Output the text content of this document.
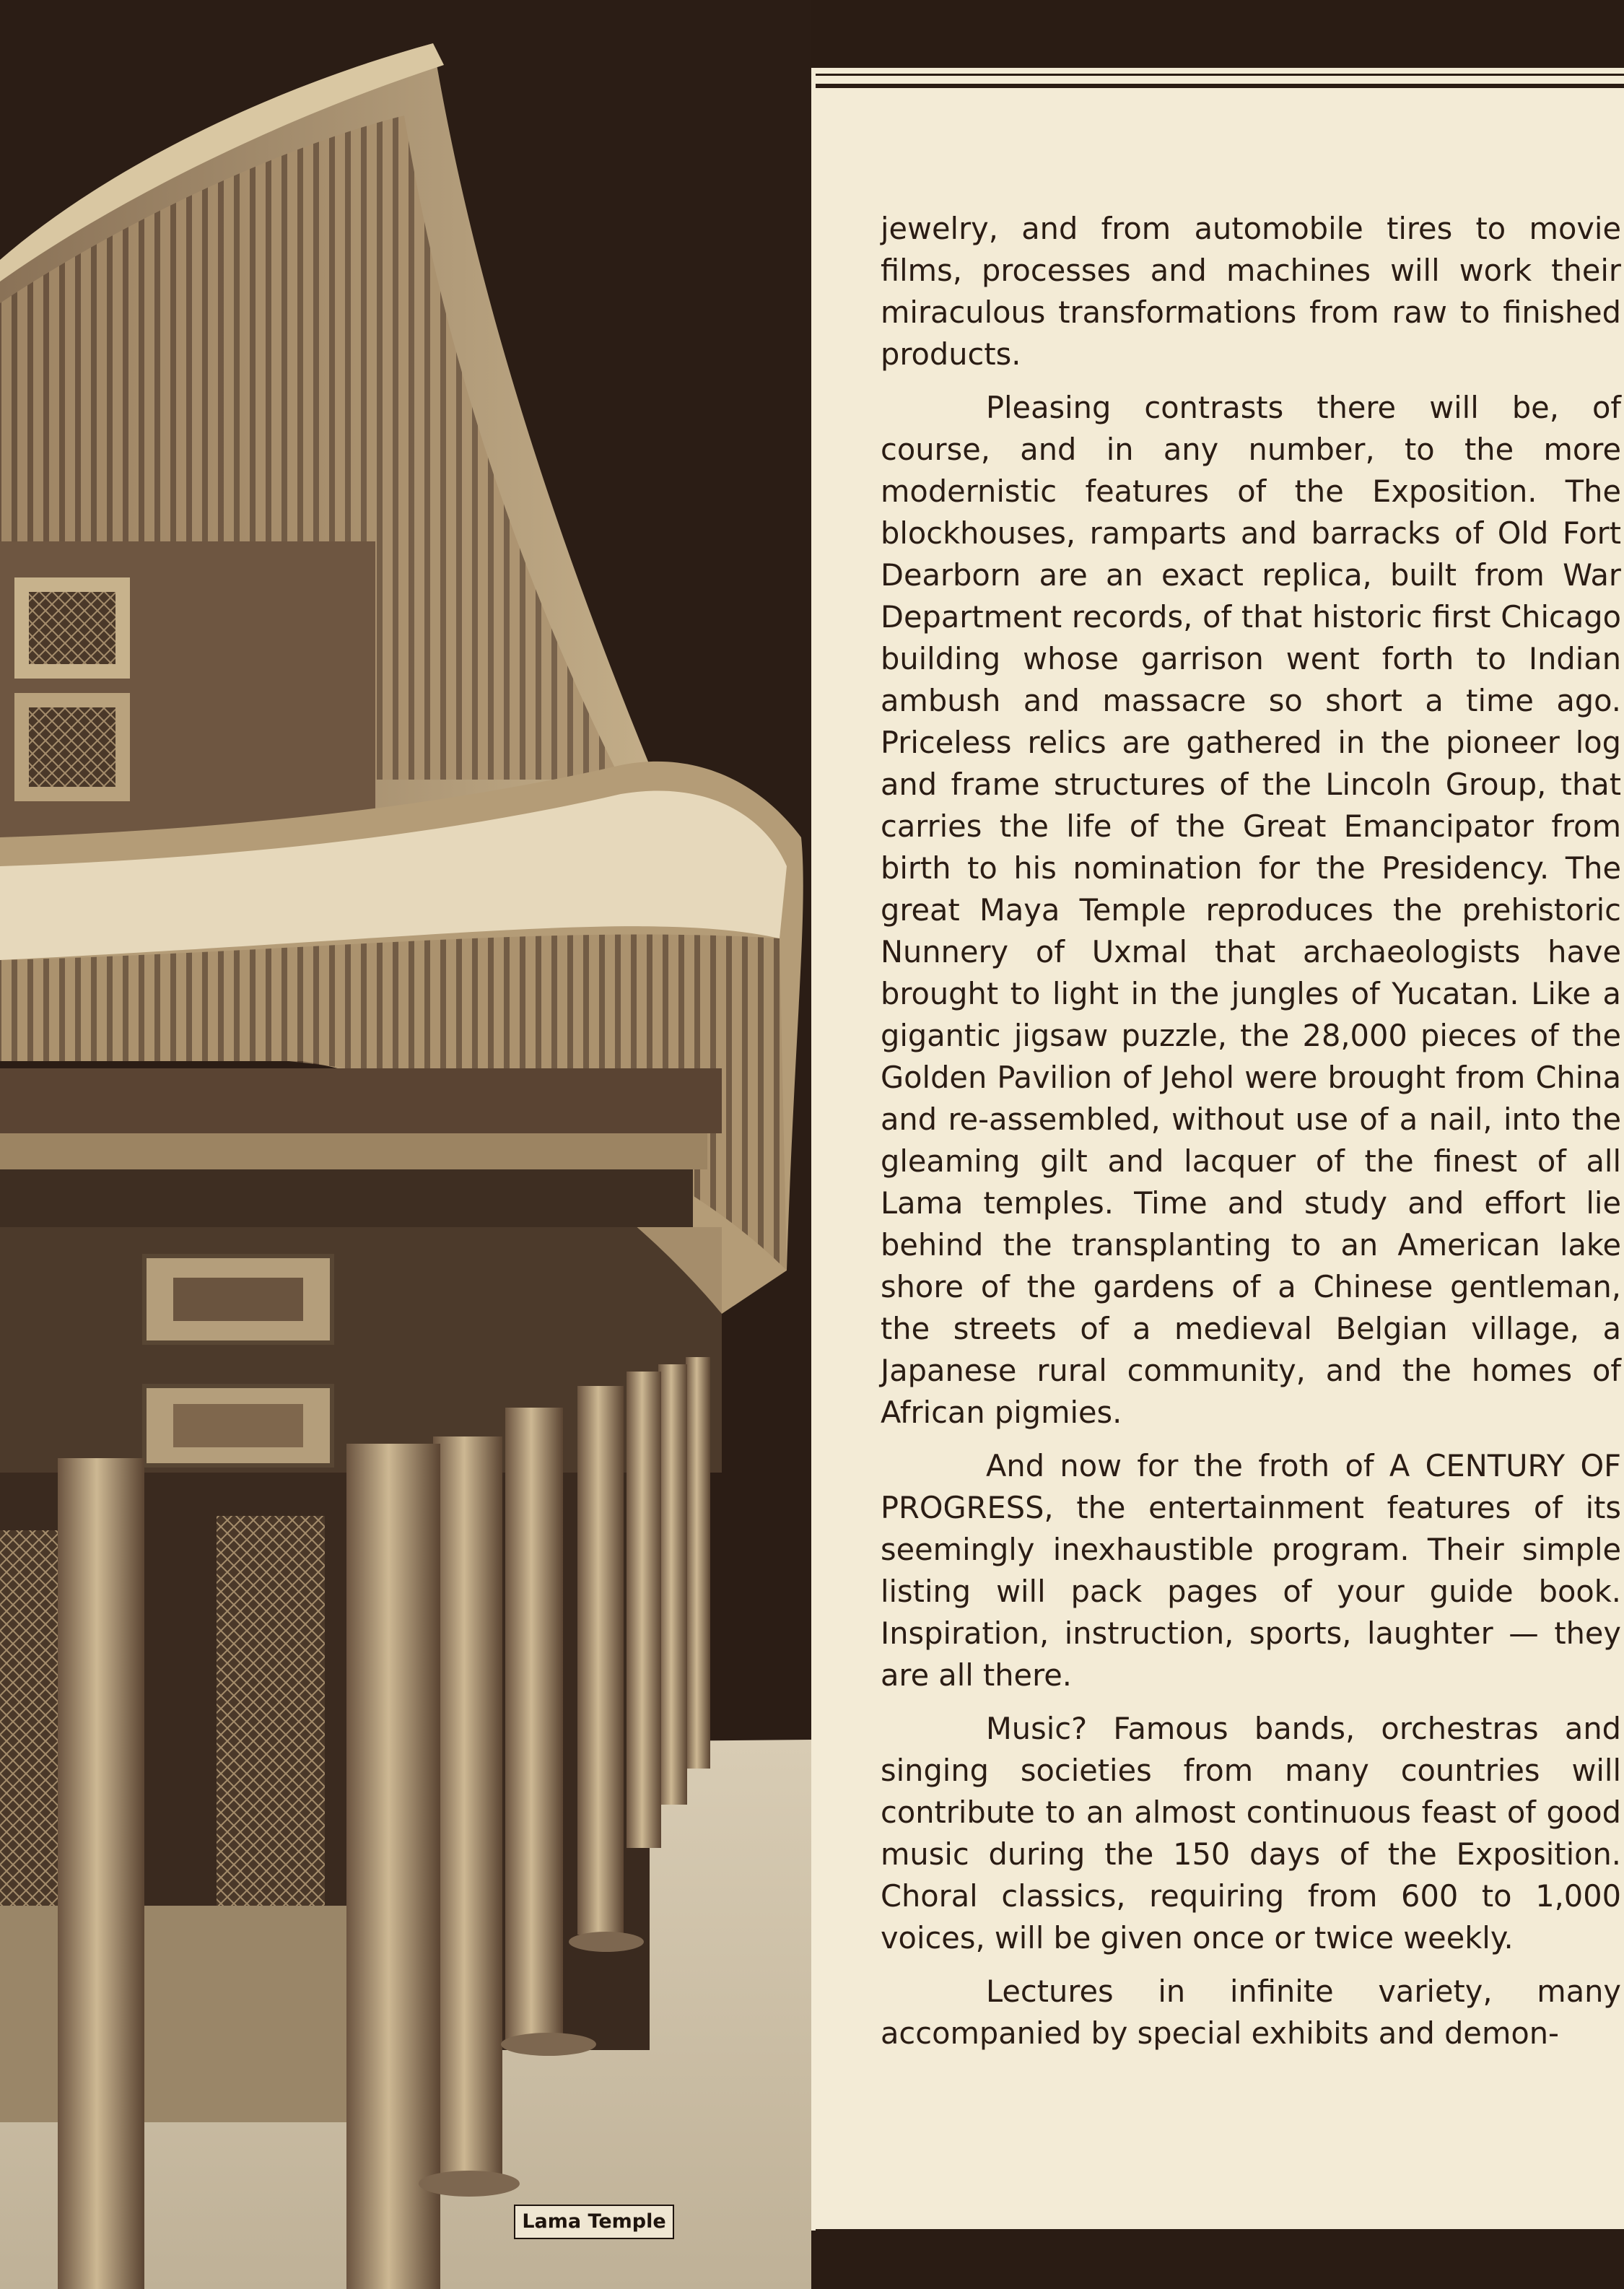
Lama Temple

jewelry, and from automobile tires to movie films, processes and machines will work their miraculous transformations from raw to finished products.

Pleasing contrasts there will be, of course, and in any number, to the more modernistic features of the Exposition. The blockhouses, ramparts and barracks of Old Fort Dearborn are an exact replica, built from War Department records, of that historic first Chicago building whose garrison went forth to Indian ambush and massacre so short a time ago. Priceless relics are gathered in the pioneer log and frame structures of the Lincoln Group, that carries the life of the Great Emancipator from birth to his nomination for the Presidency. The great Maya Temple reproduces the prehistoric Nunnery of Uxmal that archaeologists have brought to light in the jungles of Yucatan. Like a gigantic jigsaw puzzle, the 28,000 pieces of the Golden Pavilion of Jehol were brought from China and re-assembled, without use of a nail, into the gleaming gilt and lacquer of the finest of all Lama temples. Time and study and effort lie behind the transplanting to an American lake shore of the gardens of a Chinese gentleman, the streets of a medieval Belgian village, a Japanese rural community, and the homes of African pigmies.

And now for the froth of A CENTURY OF PROGRESS, the entertainment features of its seemingly inexhaustible program. Their simple listing will pack pages of your guide book. Inspiration, instruction, sports, laughter — they are all there.

Music? Famous bands, orchestras and singing societies from many countries will contribute to an almost continuous feast of good music during the 150 days of the Exposition. Choral classics, requiring from 600 to 1,000 voices, will be given once or twice weekly.

Lectures in infinite variety, many accompanied by special exhibits and demon-
